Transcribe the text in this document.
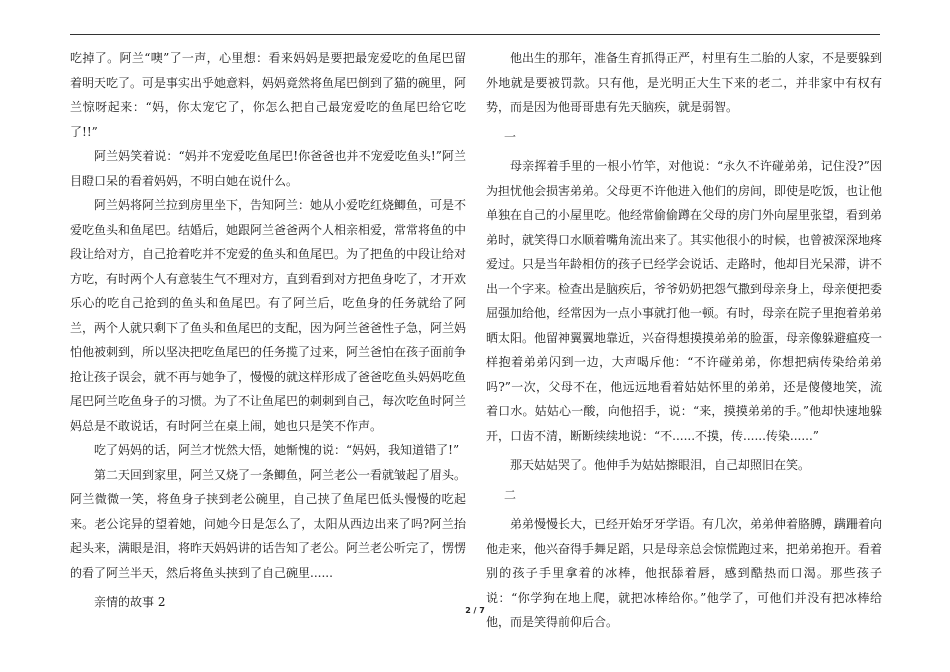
吃掉了。阿兰“噢”了一声，心里想：看来妈妈是要把最宠爱吃的鱼尾巴留着明天吃了。可是事实出乎她意料，妈妈竟然将鱼尾巴倒到了猫的碗里，阿兰惊呀起来：“妈，你太宠它了，你怎么把自己最宠爱吃的鱼尾巴给它吃了!!”

阿兰妈笑着说：“妈并不宠爱吃鱼尾巴!你爸爸也并不宠爱吃鱼头!”阿兰目瞪口呆的看着妈妈，不明白她在说什么。

阿兰妈将阿兰拉到房里坐下，告知阿兰：她从小爱吃红烧鲫鱼，可是不爱吃鱼头和鱼尾巴。结婚后，她跟阿兰爸爸两个人相亲相爱，常常将鱼的中段让给对方，自己抢着吃并不宠爱的鱼头和鱼尾巴。为了把鱼的中段让给对方吃，有时两个人有意装生气不理对方，直到看到对方把鱼身吃了，才开欢乐心的吃自己抢到的鱼头和鱼尾巴。有了阿兰后，吃鱼身的任务就给了阿兰，两个人就只剩下了鱼头和鱼尾巴的支配，因为阿兰爸爸性子急，阿兰妈怕他被刺到，所以坚决把吃鱼尾巴的任务揽了过来，阿兰爸怕在孩子面前争抢让孩子误会，就不再与她争了，慢慢的就这样形成了爸爸吃鱼头妈妈吃鱼尾巴阿兰吃鱼身子的习惯。为了不让鱼尾巴的刺刺到自己，每次吃鱼时阿兰妈总是不敢说话，有时阿兰在桌上闹，她也只是笑不作声。

吃了妈妈的话，阿兰才恍然大悟，她惭愧的说：“妈妈，我知道错了!”

第二天回到家里，阿兰又烧了一条鲫鱼，阿兰老公一看就皱起了眉头。阿兰微微一笑，将鱼身子挟到老公碗里，自己挟了鱼尾巴低头慢慢的吃起来。老公诧异的望着她，问她今日是怎么了，太阳从西边出来了吗?阿兰抬起头来，满眼是泪，将昨天妈妈讲的话告知了老公。阿兰老公听完了，愣愣的看了阿兰半天，然后将鱼头挟到了自己碗里......

亲情的故事 2

他出生的那年，准备生育抓得正严，村里有生二胎的人家，不是要躲到外地就是要被罚款。只有他，是光明正大生下来的老二，并非家中有权有势，而是因为他哥哥患有先天脑疾，就是弱智。

一

母亲挥着手里的一根小竹竿，对他说：“永久不许碰弟弟，记住没?”因为担忧他会损害弟弟。父母更不许他进入他们的房间，即使是吃饭，也让他单独在自己的小屋里吃。他经常偷偷蹲在父母的房门外向屋里张望，看到弟弟时，就笑得口水顺着嘴角流出来了。其实他很小的时候，也曾被深深地疼爱过。只是当年龄相仿的孩子已经学会说话、走路时，他却目光呆滞，讲不出一个字来。检查出是脑疾后，爷爷奶奶把怨气撒到母亲身上，母亲便把委屈强加给他，经常因为一点小事就打他一顿。有时，母亲在院子里抱着弟弟晒太阳。他留神翼翼地靠近，兴奋得想摸摸弟弟的脸蛋，母亲像躲避瘟疫一样抱着弟弟闪到一边，大声喝斥他：“不许碰弟弟，你想把病传染给弟弟吗?”一次，父母不在，他远远地看着姑姑怀里的弟弟，还是傻傻地笑，流着口水。姑姑心一酸，向他招手，说：“来，摸摸弟弟的手。”他却快速地躲开，口齿不清，断断续续地说：“不......不摸，传......传染......”

那天姑姑哭了。他伸手为姑姑擦眼泪，自己却照旧在笑。

二

弟弟慢慢长大，已经开始牙牙学语。有几次，弟弟伸着胳膊，蹒跚着向他走来，他兴奋得手舞足蹈，只是母亲总会惊慌跑过来，把弟弟抱开。看着别的孩子手里拿着的冰棒，他抿舔着唇，感到酷热而口渴。那些孩子说：“你学狗在地上爬，就把冰棒给你。”他学了，可他们并没有把冰棒给他，而是笑得前仰后合。

2 / 7
